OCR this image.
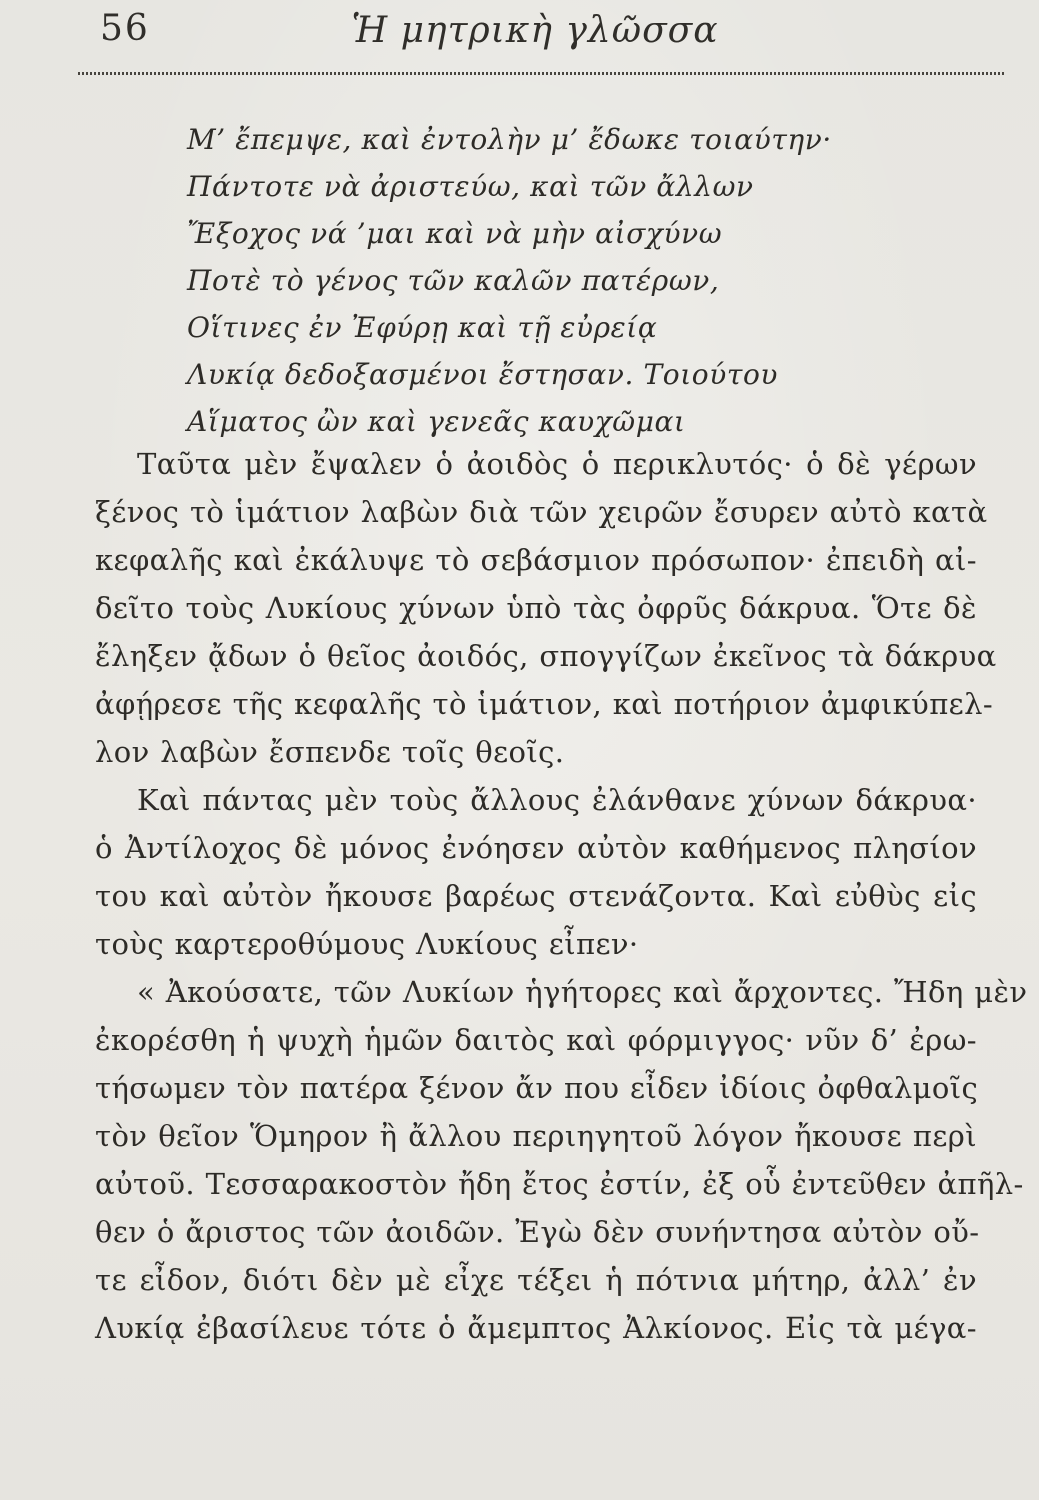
56	Ἡ μητρικὴ γλῶσσα
Μ’ ἔπεμψε, καὶ ἐντολὴν μ’ ἔδωκε τοιαύτην·
Πάντοτε νὰ ἀριστεύω, καὶ τῶν ἄλλων
Ἔξοχος νά ’μαι καὶ νὰ μὴν αἰσχύνω
Ποτὲ τὸ γένος τῶν καλῶν πατέρων,
Οἵτινες ἐν Ἐφύρῃ καὶ τῇ εὐρείᾳ
Λυκίᾳ δεδοξασμένοι ἔστησαν. Τοιούτου
Αἵματος ὢν καὶ γενεᾶς καυχῶμαι
Ταῦτα μὲν ἔψαλεν ὁ ἀοιδὸς ὁ περικλυτός· ὁ δὲ γέρων
ξένος τὸ ἱμάτιον λαβὼν διὰ τῶν χειρῶν ἔσυρεν αὐτὸ κατὰ
κεφαλῆς καὶ ἐκάλυψε τὸ σεβάσμιον πρόσωπον· ἐπειδὴ αἰ-
δεῖτο τοὺς Λυκίους χύνων ὑπὸ τὰς ὀφρῦς δάκρυα. Ὅτε δὲ
ἔληξεν ᾄδων ὁ θεῖος ἀοιδός, σπογγίζων ἐκεῖνος τὰ δάκρυα
ἀφῄρεσε τῆς κεφαλῆς τὸ ἱμάτιον, καὶ ποτήριον ἀμφικύπελ-
λον λαβὼν ἔσπενδε τοῖς θεοῖς.
Καὶ πάντας μὲν τοὺς ἄλλους ἐλάνθανε χύνων δάκρυα·
ὁ Ἀντίλοχος δὲ μόνος ἐνόησεν αὐτὸν καθήμενος πλησίον
του καὶ αὐτὸν ἤκουσε βαρέως στενάζοντα. Καὶ εὐθὺς εἰς
τοὺς καρτεροθύμους Λυκίους εἶπεν·
« Ἀκούσατε, τῶν Λυκίων ἡγήτορες καὶ ἄρχοντες. Ἤδη μὲν
ἐκορέσθη ἡ ψυχὴ ἡμῶν δαιτὸς καὶ φόρμιγγος· νῦν δ’ ἐρω-
τήσωμεν τὸν πατέρα ξένον ἄν που εἶδεν ἰδίοις ὀφθαλμοῖς
τὸν θεῖον Ὅμηρον ἢ ἄλλου περιηγητοῦ λόγον ἤκουσε περὶ
αὐτοῦ. Τεσσαρακοστὸν ἤδη ἔτος ἐστίν, ἐξ οὗ ἐντεῦθεν ἀπῆλ-
θεν ὁ ἄριστος τῶν ἀοιδῶν. Ἐγὼ δὲν συνήντησα αὐτὸν οὔ-
τε εἶδον, διότι δὲν μὲ εἶχε τέξει ἡ πότνια μήτηρ, ἀλλ’ ἐν
Λυκίᾳ ἐβασίλευε τότε ὁ ἄμεμπτος Ἀλκίονος. Εἰς τὰ μέγα-
